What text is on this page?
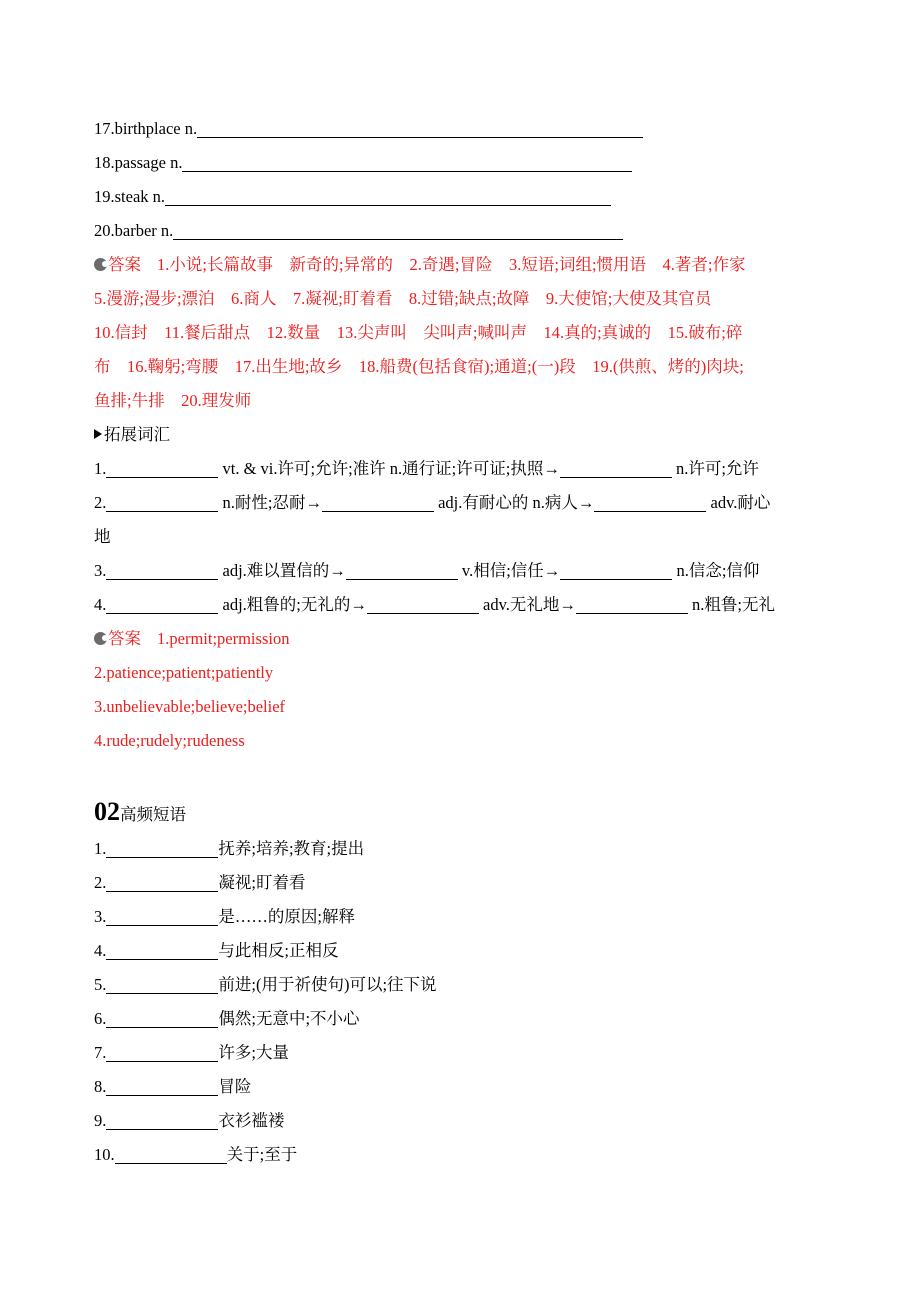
17.birthplace n.
18.passage n.
19.steak n.
20.barber n.
答案 1.小说;长篇故事　新奇的;异常的　2.奇遇;冒险　3.短语;词组;惯用语　4.著者;作家
5.漫游;漫步;漂泊　6.商人　7.凝视;盯着看　8.过错;缺点;故障　9.大使馆;大使及其官员
10.信封　11.餐后甜点　12.数量　13.尖声叫　尖叫声;喊叫声　14.真的;真诚的　15.破布;碎
布　16.鞠躬;弯腰　17.出生地;故乡　18.船费(包括食宿);通道;(一)段　19.(供煎、烤的)肉块;
鱼排;牛排　20.理发师
拓展词汇
1.	vt. & vi.许可;允许;准许 n.通行证;许可证;执照→	n.许可;允许
2.	n.耐性;忍耐→	adj.有耐心的 n.病人→	adv.耐心
地
3.	adj.难以置信的→	v.相信;信任→	n.信念;信仰
4.	adj.粗鲁的;无礼的→	adv.无礼地→	n.粗鲁;无礼
答案 1.permit;permission
2.patience;patient;patiently
3.unbelievable;believe;belief
4.rude;rudely;rudeness
02高频短语
1.	抚养;培养;教育;提出
2.	凝视;盯着看
3.	是……的原因;解释
4.	与此相反;正相反
5.	前进;(用于祈使句)可以;往下说
6.	偶然;无意中;不小心
7.	许多;大量
8.	冒险
9.	衣衫褴褛
10.	关于;至于
